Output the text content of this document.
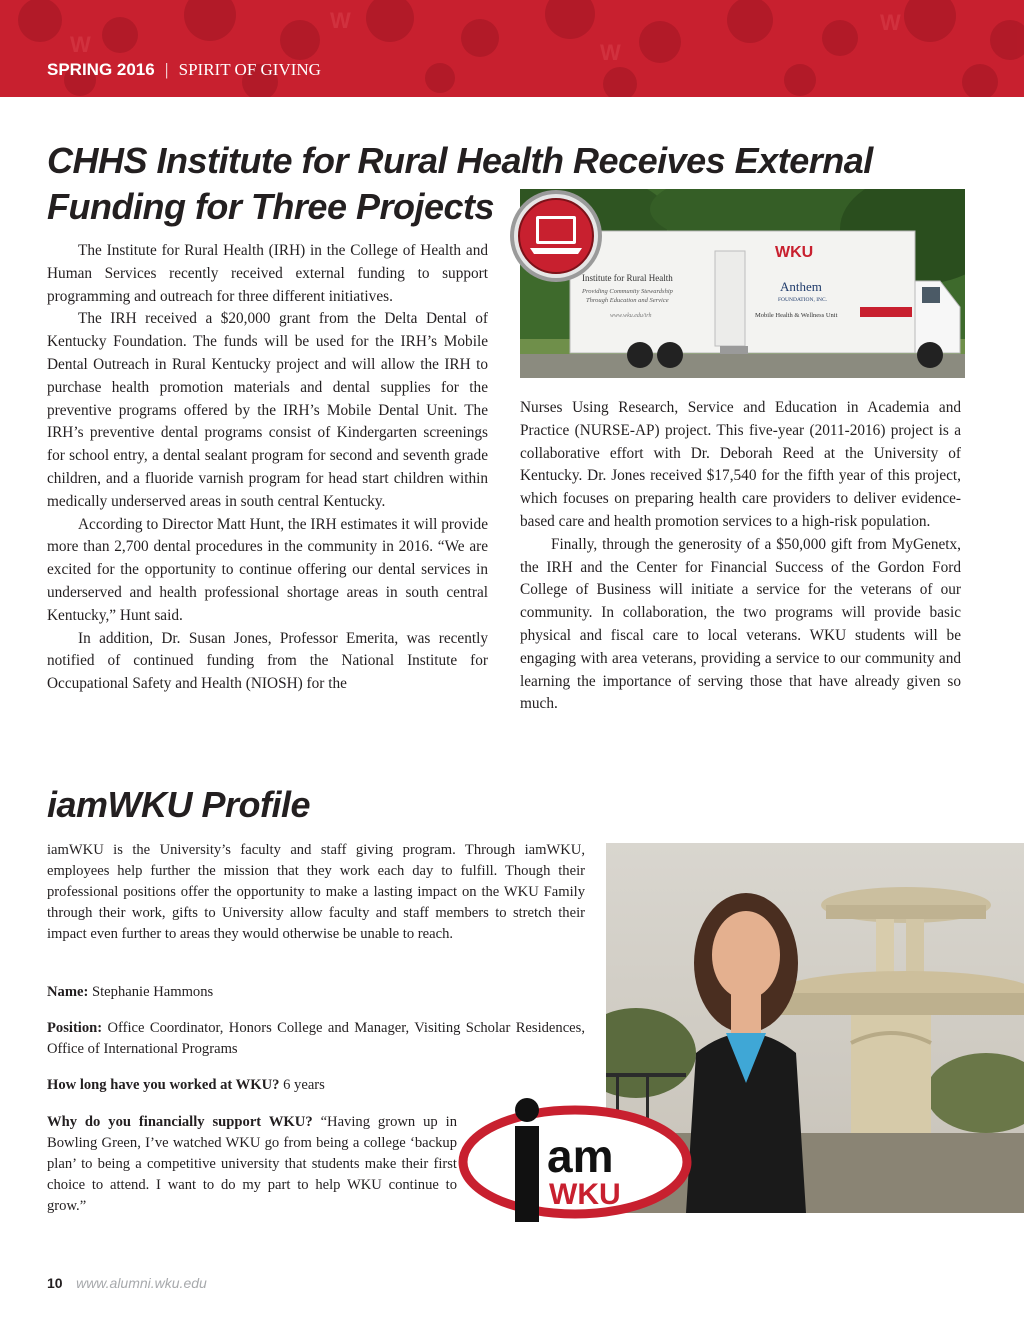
W
W
W
W
SPRING 2016 | SPIRIT OF GIVING
CHHS Institute for Rural Health Receives External Funding for Three Projects

The Institute for Rural Health (IRH) in the College of Health and Human Services recently received external funding to support programming and outreach for three different initiatives.

The IRH received a $20,000 grant from the Delta Dental of Kentucky Foundation. The funds will be used for the IRH’s Mobile Dental Outreach in Rural Kentucky project and will allow the IRH to purchase health promotion materials and dental supplies for the preventive programs offered by the IRH’s Mobile Dental Unit. The IRH’s preventive dental programs consist of Kindergarten screenings for school entry, a dental sealant program for second and seventh grade children, and a fluoride varnish program for head start children within medically underserved areas in south central Kentucky.

According to Director Matt Hunt, the IRH estimates it will provide more than 2,700 dental procedures in the community in 2016. “We are excited for the opportunity to continue offering our dental services in underserved and health professional shortage areas in south central Kentucky,” Hunt said.

In addition, Dr. Susan Jones, Professor Emerita, was recently notified of continued funding from the National Institute for Occupational Safety and Health (NIOSH) for the

WKU
Institute for Rural Health
Providing Community Stewardship
Through Education and Service
www.wku.edu/irh
Anthem
FOUNDATION, INC.
Mobile Health & Wellness Unit

Nurses Using Research, Service and Education in Academia and Practice (NURSE-AP) project. This five-year (2011-2016) project is a collaborative effort with Dr. Deborah Reed at the University of Kentucky. Dr. Jones received $17,540 for the fifth year of this project, which focuses on preparing health care providers to deliver evidence-based care and health promotion services to a high-risk population.

Finally, through the generosity of a $50,000 gift from MyGenetx, the IRH and the Center for Financial Success of the Gordon Ford College of Business will initiate a service for the veterans of our community. In collaboration, the two programs will provide basic physical and fiscal care to local veterans. WKU students will be engaging with area veterans, providing a service to our community and learning the importance of serving those that have already given so much.

iamWKU Profile

iamWKU is the University’s faculty and staff giving program. Through iamWKU, employees help further the mission that they work each day to fulfill. Though their professional positions offer the opportunity to make a lasting impact on the WKU Family through their work, gifts to University allow faculty and staff members to stretch their impact even further to areas they would otherwise be unable to reach.

Name: Stephanie Hammons

Position: Office Coordinator, Honors College and Manager, Visiting Scholar Residences, Office of International Programs

How long have you worked at WKU? 6 years

Why do you financially support WKU? “Having grown up in Bowling Green, I’ve watched WKU go from being a college ‘backup plan’ to being a competitive university that students make their first choice to attend. I want to do my part to help WKU continue to grow.”

am
WKU
10 www.alumni.wku.edu
